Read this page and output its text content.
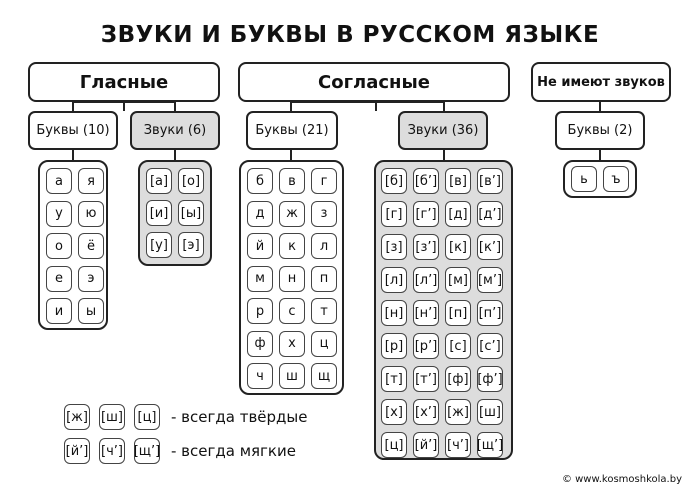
ЗВУКИ И БУКВЫ В РУССКОМ ЯЗЫКЕ
Гласные	Согласные	Не имеют звуков
Буквы (10)	Звуки (6)	Буквы (21)	Звуки (36)	Буквы (2)
а	я
у	ю
о	ё
е	э
и	ы
[а]	[о]
[и] [ы]
[у]	[э]
б	в	г
д	ж	з
й	к	л
м	н	п
р	с	т
ф	х	ц
ч	ш	щ
[б] [б’] [в] [в’]
[г] [г’] [д] [д’]
[з] [з’] [к] [к’]
[л] [л’] [м] [м’]
[н] [н’] [п] [п’]
[р] [р’] [с] [с’]
[т] [т’] [ф] [ф’]
[х] [х’] [ж] [ш]
[ц] [й’] [ч’] [щ’]
ь	ъ
[ж] [ш] [ц] - всегда твёрдые
[й’] [ч’] [щ’] - всегда мягкие
© www.kosmoshkola.by
